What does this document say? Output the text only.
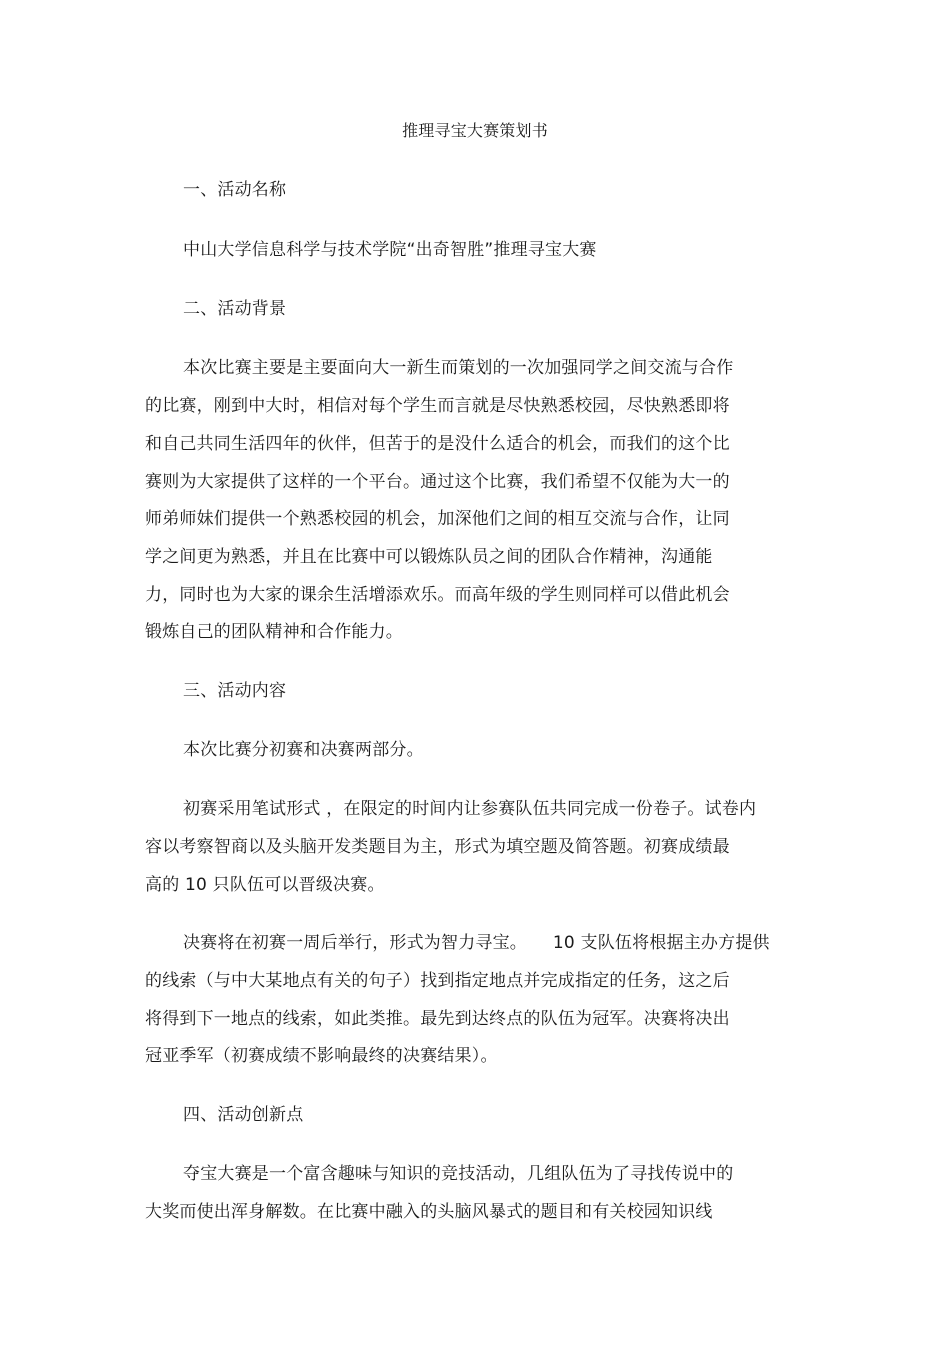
推理寻宝大赛策划书
一、活动名称
中山大学信息科学与技术学院“出奇智胜”推理寻宝大赛
二、活动背景
本次比赛主要是主要面向大一新生而策划的一次加强同学之间交流与合作
的比赛，刚到中大时，相信对每个学生而言就是尽快熟悉校园，尽快熟悉即将
和自己共同生活四年的伙伴，但苦于的是没什么适合的机会，而我们的这个比
赛则为大家提供了这样的一个平台。通过这个比赛，我们希望不仅能为大一的
师弟师妹们提供一个熟悉校园的机会，加深他们之间的相互交流与合作，让同
学之间更为熟悉，并且在比赛中可以锻炼队员之间的团队合作精神，沟通能
力，同时也为大家的课余生活增添欢乐。而高年级的学生则同样可以借此机会
锻炼自己的团队精神和合作能力。
三、活动内容
本次比赛分初赛和决赛两部分。
初赛采用笔试形式 ，在限定的时间内让参赛队伍共同完成一份卷子。试卷内
容以考察智商以及头脑开发类题目为主，形式为填空题及简答题。初赛成绩最
高的 10 只队伍可以晋级决赛。
决赛将在初赛一周后举行，形式为智力寻宝。　　10 支队伍将根据主办方提供
的线索（与中大某地点有关的句子）找到指定地点并完成指定的任务，这之后
将得到下一地点的线索，如此类推。最先到达终点的队伍为冠军。决赛将决出
冠亚季军（初赛成绩不影响最终的决赛结果）。
四、活动创新点
夺宝大赛是一个富含趣味与知识的竞技活动，几组队伍为了寻找传说中的
大奖而使出浑身解数。在比赛中融入的头脑风暴式的题目和有关校园知识线
